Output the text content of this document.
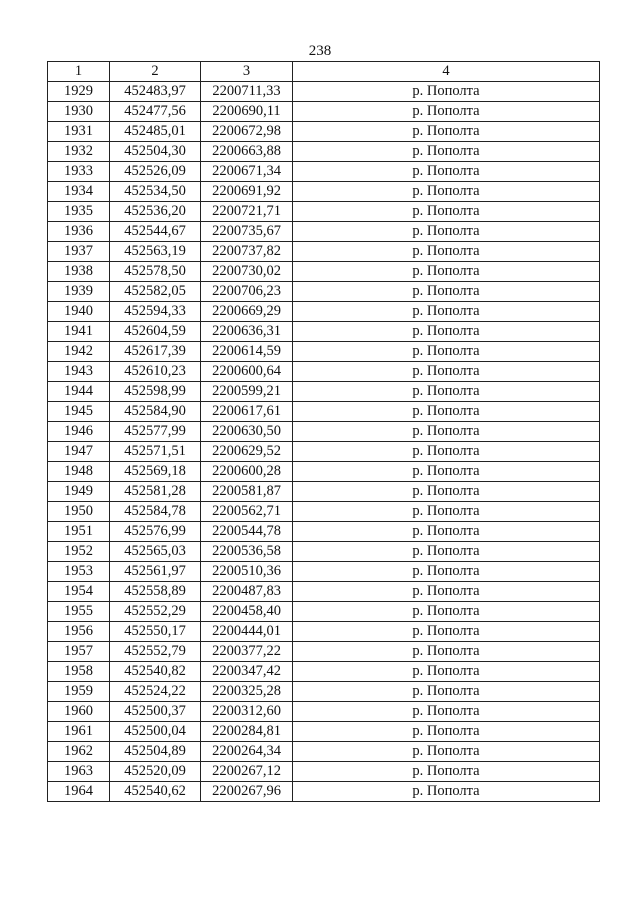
238
1	2	3	4
1929	452483,97	2200711,33	р. Пополта
1930	452477,56	2200690,11	р. Пополта
1931	452485,01	2200672,98	р. Пополта
1932	452504,30	2200663,88	р. Пополта
1933	452526,09	2200671,34	р. Пополта
1934	452534,50	2200691,92	р. Пополта
1935	452536,20	2200721,71	р. Пополта
1936	452544,67	2200735,67	р. Пополта
1937	452563,19	2200737,82	р. Пополта
1938	452578,50	2200730,02	р. Пополта
1939	452582,05	2200706,23	р. Пополта
1940	452594,33	2200669,29	р. Пополта
1941	452604,59	2200636,31	р. Пополта
1942	452617,39	2200614,59	р. Пополта
1943	452610,23	2200600,64	р. Пополта
1944	452598,99	2200599,21	р. Пополта
1945	452584,90	2200617,61	р. Пополта
1946	452577,99	2200630,50	р. Пополта
1947	452571,51	2200629,52	р. Пополта
1948	452569,18	2200600,28	р. Пополта
1949	452581,28	2200581,87	р. Пополта
1950	452584,78	2200562,71	р. Пополта
1951	452576,99	2200544,78	р. Пополта
1952	452565,03	2200536,58	р. Пополта
1953	452561,97	2200510,36	р. Пополта
1954	452558,89	2200487,83	р. Пополта
1955	452552,29	2200458,40	р. Пополта
1956	452550,17	2200444,01	р. Пополта
1957	452552,79	2200377,22	р. Пополта
1958	452540,82	2200347,42	р. Пополта
1959	452524,22	2200325,28	р. Пополта
1960	452500,37	2200312,60	р. Пополта
1961	452500,04	2200284,81	р. Пополта
1962	452504,89	2200264,34	р. Пополта
1963	452520,09	2200267,12	р. Пополта
1964	452540,62	2200267,96	р. Пополта
